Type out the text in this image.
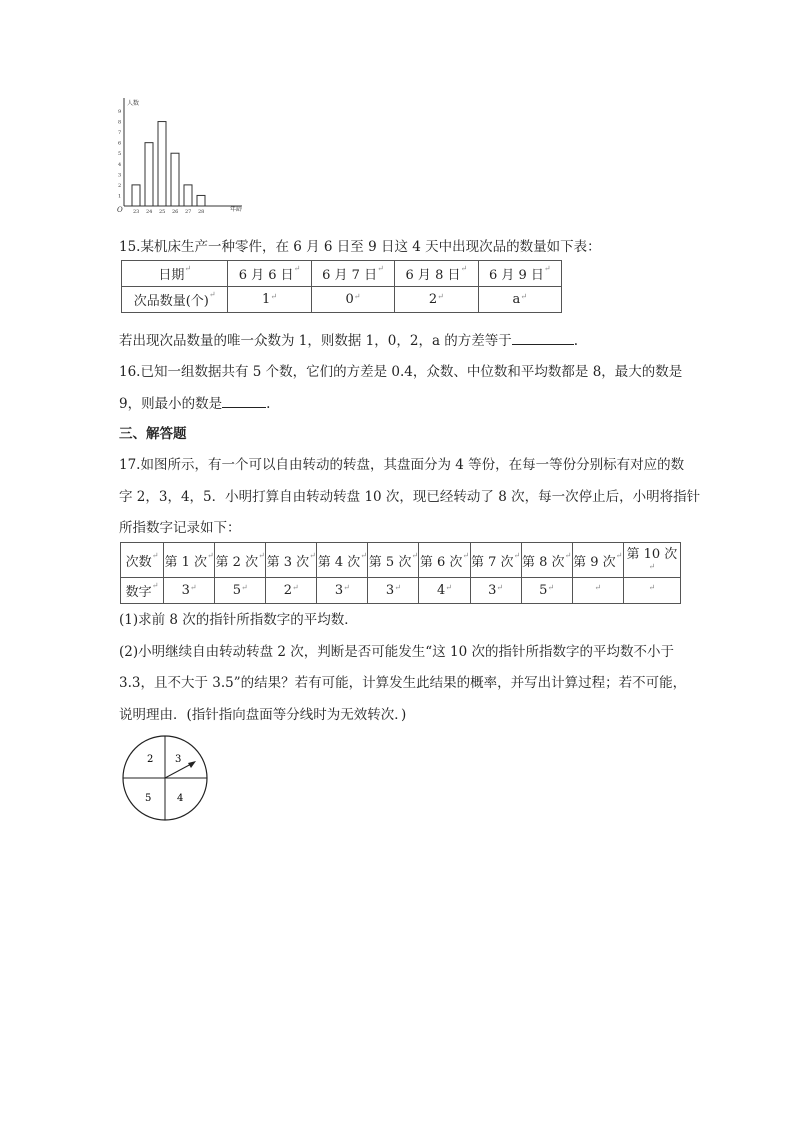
人数
年龄
O
1
2
3
4
5
6
7
8
9
23 24 25 26 27 28
15.某机床生产一种零件，在 6 月 6 日至 9 日这 4 天中出现次品的数量如下表：
日期↵	6 月 6 日↵	6 月 7 日↵	6 月 8 日↵	6 月 9 日↵
次品数量(个)↵	1↵	0↵	2↵	a↵
若出现次品数量的唯一众数为 1，则数据 1，0，2，a 的方差等于	.
16.已知一组数据共有 5 个数，它们的方差是 0.4，众数、中位数和平均数都是 8，最大的数是
9，则最小的数是	.
三、解答题
17.如图所示，有一个可以自由转动的转盘，其盘面分为 4 等份，在每一等份分别标有对应的数
字 2，3，4，5．小明打算自由转动转盘 10 次，现已经转动了 8 次，每一次停止后，小明将指针
所指数字记录如下：
次数↵	第 1 次↵	第 2 次↵	第 3 次↵	第 4 次↵	第 5 次↵	第 6 次↵	第 7 次↵	第 8 次↵	第 9 次↵	第 10 次↵
数字↵	3↵	5↵	2↵	3↵	3↵	4↵	3↵	5↵	↵	↵
(1)求前 8 次的指针所指数字的平均数．
(2)小明继续自由转动转盘 2 次，判断是否可能发生“这 10 次的指针所指数字的平均数不小于
3.3，且不大于 3.5”的结果？若有可能，计算发生此结果的概率，并写出计算过程；若不可能，
说明理由．(指针指向盘面等分线时为无效转次．)
2 3
5	4
